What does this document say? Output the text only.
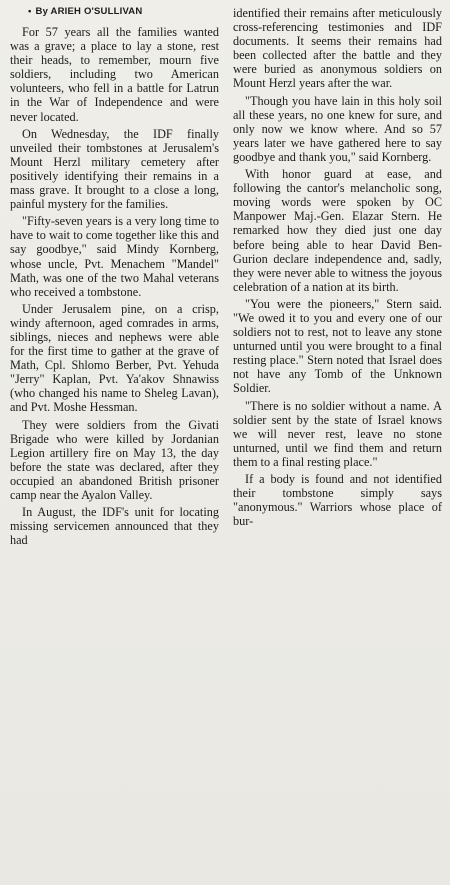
• By ARIEH O'SULLIVAN

For 57 years all the families wanted was a grave; a place to lay a stone, rest their heads, to remember, mourn five soldiers, including two American volunteers, who fell in a battle for Latrun in the War of Independence and were never located.

On Wednesday, the IDF finally unveiled their tombstones at Jerusalem's Mount Herzl military cemetery after positively identifying their remains in a mass grave. It brought to a close a long, painful mystery for the families.

"Fifty-seven years is a very long time to have to wait to come together like this and say goodbye," said Mindy Kornberg, whose uncle, Pvt. Menachem "Mandel" Math, was one of the two Mahal veterans who received a tombstone.

Under Jerusalem pine, on a crisp, windy afternoon, aged comrades in arms, siblings, nieces and nephews were able for the first time to gather at the grave of Math, Cpl. Shlomo Berber, Pvt. Yehuda "Jerry" Kaplan, Pvt. Ya'akov Shnawiss (who changed his name to Sheleg Lavan), and Pvt. Moshe Hessman.

They were soldiers from the Givati Brigade who were killed by Jordanian Legion artillery fire on May 13, the day before the state was declared, after they occupied an abandoned British prisoner camp near the Ayalon Valley.

In August, the IDF's unit for locating missing servicemen announced that they had

identified their remains after meticulously cross-referencing testimonies and IDF documents. It seems their remains had been collected after the battle and they were buried as anonymous soldiers on Mount Herzl years after the war.

"Though you have lain in this holy soil all these years, no one knew for sure, and only now we know where. And so 57 years later we have gathered here to say goodbye and thank you," said Kornberg.

With honor guard at ease, and following the cantor's melancholic song, moving words were spoken by OC Manpower Maj.-Gen. Elazar Stern. He remarked how they died just one day before being able to hear David Ben-Gurion declare independence and, sadly, they were never able to witness the joyous celebration of a nation at its birth.

"You were the pioneers," Stern said. "We owed it to you and every one of our soldiers not to rest, not to leave any stone unturned until you were brought to a final resting place." Stern noted that Israel does not have any Tomb of the Unknown Soldier.

"There is no soldier without a name. A soldier sent by the state of Israel knows we will never rest, leave no stone unturned, until we find them and return them to a final resting place."

If a body is found and not identified their tombstone simply says "anonymous." Warriors whose place of bur-
